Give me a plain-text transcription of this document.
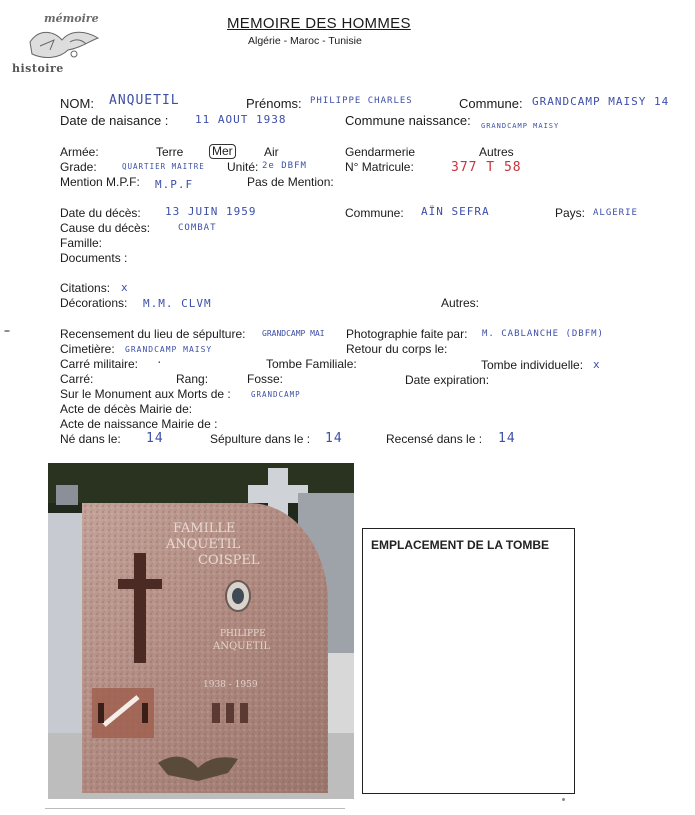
mémoire
histoire
MEMOIRE DES HOMMES
Algérie - Maroc - Tunisie
NOM: ANQUETIL	Prénoms: PHILIPPE CHARLES	Commune: GRANDCAMP MAISY 14
Date de naisance : 11 AOUT 1938	Commune naissance: GRANDCAMP MAISY
Armée:	Terre Mer	Air	Gendarmerie	Autres
Grade:	QUARTIER MAITRE Unité: 2e DBFM	N° Matricule:	377 T 58
Mention M.P.F: M.P.F	Pas de Mention:
Date du décès: 13 JUIN 1959	Commune: AÏN SEFRA	Pays: ALGERIE
Cause du décès:	COMBAT
Famille:
Documents :
Citations: x
Décorations: M.M. CLVM	Autres:
Recensement du lieu de sépulture: GRANDCAMP MAI Photographie faite par: M. CABLANCHE (DBFM)
Cimetière: GRANDCAMP MAISY	Retour du corps le:
Carré militaire: .	Tombe Familiale:	Tombe individuelle: x
Carré:	Rang:	Fosse:	Date expiration:
Sur le Monument aux Morts de :	GRANDCAMP
Acte de décès Mairie de:
Acte de naissance Mairie de :
Né dans le: 14	Sépulture dans le : 14	Recensé dans le : 14
FAMILLE
ANQUETIL
COISPEL
PHILIPPE
ANQUETIL
1938 - 1959
EMPLACEMENT DE LA TOMBE
